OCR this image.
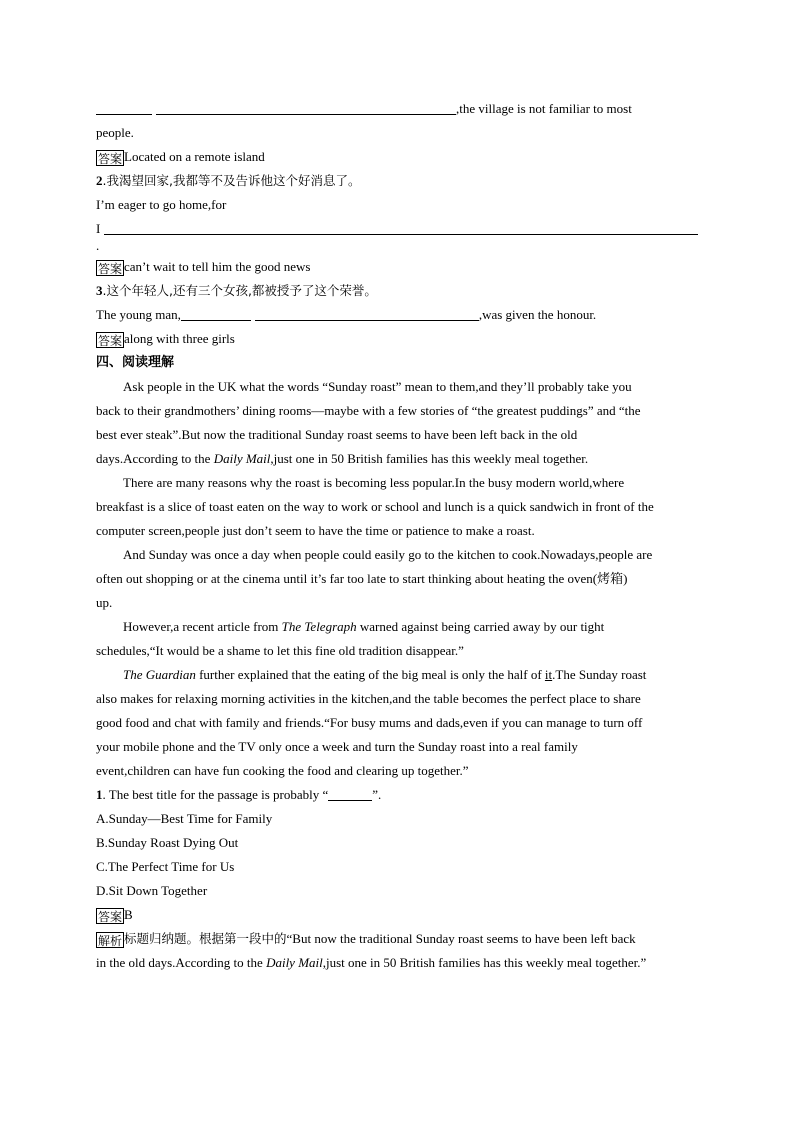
,the village is not familiar to most
people.
答案 Located on a remote island
2.我渴望回家,我都等不及告诉他这个好消息了。
I’m eager to go home,for
I
.
答案 can’t wait to tell him the good news
3.这个年轻人,还有三个女孩,都被授予了这个荣誉。
The young man,	,was given the honour.
答案 along with three girls
四、阅读理解
Ask people in the UK what the words “Sunday roast” mean to them,and they’ll probably take you
back to their grandmothers’ dining rooms—maybe with a few stories of “the greatest puddings” and “the
best ever steak”.But now the traditional Sunday roast seems to have been left back in the old
days.According to the Daily Mail,just one in 50 British families has this weekly meal together.
There are many reasons why the roast is becoming less popular.In the busy modern world,where
breakfast is a slice of toast eaten on the way to work or school and lunch is a quick sandwich in front of the
computer screen,people just don’t seem to have the time or patience to make a roast.
And Sunday was once a day when people could easily go to the kitchen to cook.Nowadays,people are
often out shopping or at the cinema until it’s far too late to start thinking about heating the oven(烤箱)
up.
However,a recent article from The Telegraph warned against being carried away by our tight
schedules,“It would be a shame to let this fine old tradition disappear.”
The Guardian further explained that the eating of the big meal is only the half of it.The Sunday roast
also makes for relaxing morning activities in the kitchen,and the table becomes the perfect place to share
good food and chat with family and friends.“For busy mums and dads,even if you can manage to turn off
your mobile phone and the TV only once a week and turn the Sunday roast into a real family
event,children can have fun cooking the food and clearing up together.”
1. The best title for the passage is probably “	”.
A.Sunday—Best Time for Family
B.Sunday Roast Dying Out
C.The Perfect Time for Us
D.Sit Down Together
答案 B
解析 标题归纳题。根据第一段中的“But now the traditional Sunday roast seems to have been left back
in the old days.According to the Daily Mail,just one in 50 British families has this weekly meal together.”
